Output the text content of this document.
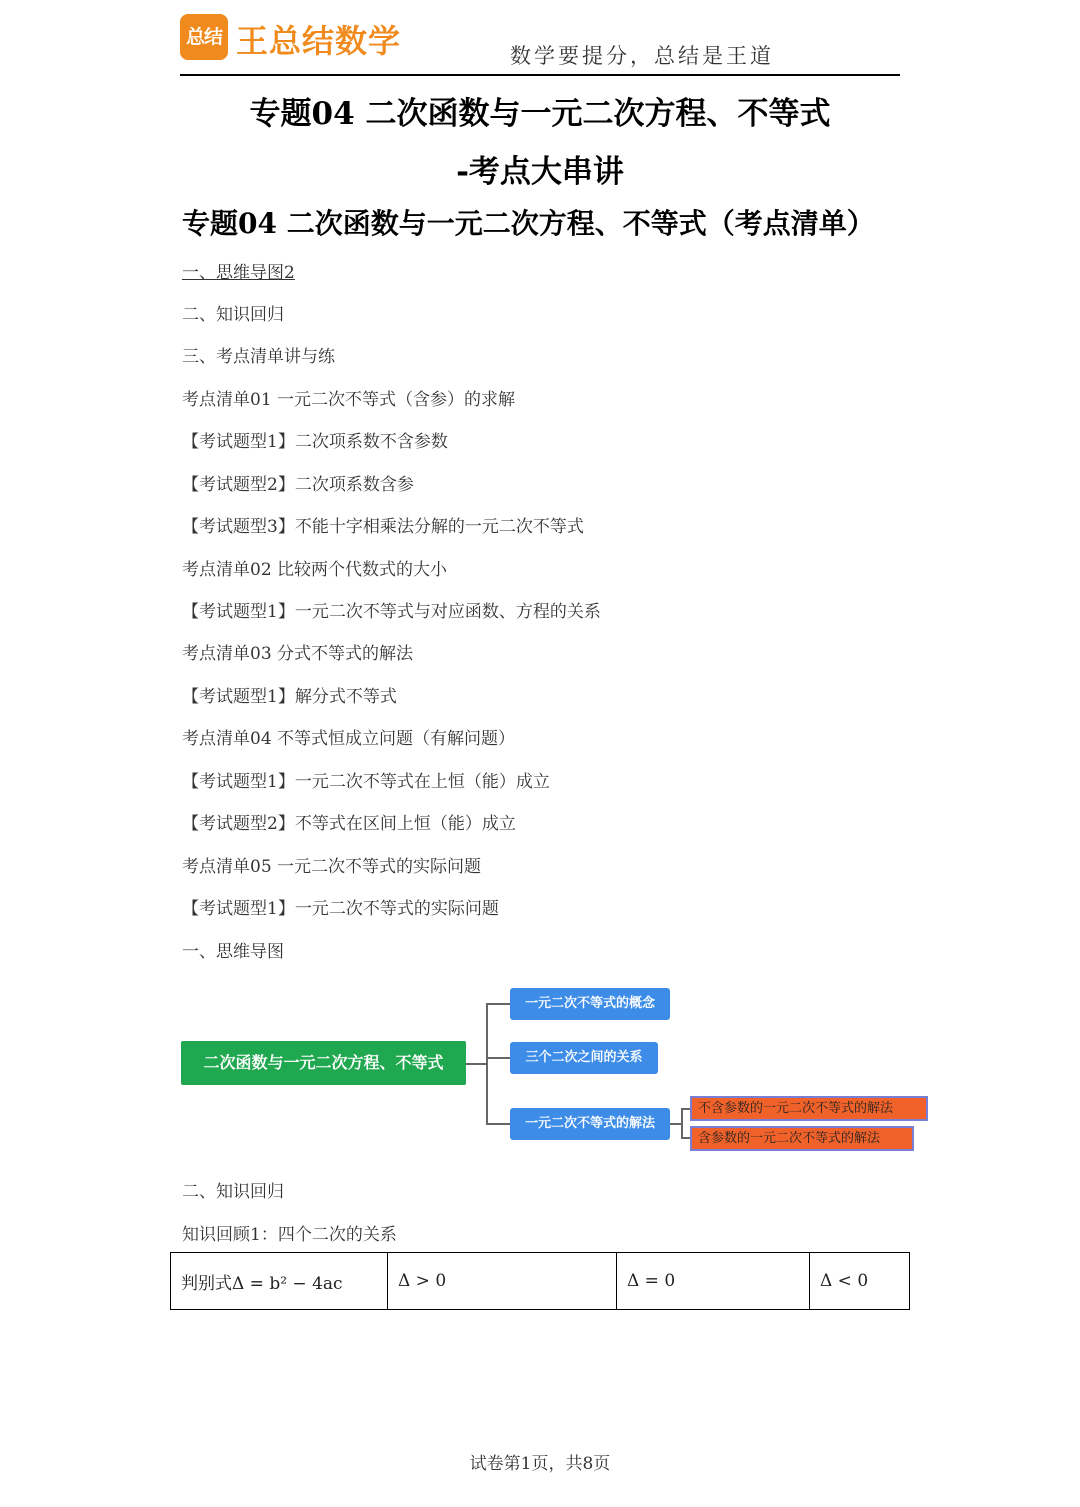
总结 王总结数学	数学要提分，总结是王道
专题04 二次函数与一元二次方程、不等式
-考点大串讲
专题04 二次函数与一元二次方程、不等式（考点清单）
一、思维导图2
二、知识回归
三、考点清单讲与练
考点清单01 一元二次不等式（含参）的求解
【考试题型1】二次项系数不含参数
【考试题型2】二次项系数含参
【考试题型3】不能十字相乘法分解的一元二次不等式
考点清单02 比较两个代数式的大小
【考试题型1】一元二次不等式与对应函数、方程的关系
考点清单03 分式不等式的解法
【考试题型1】解分式不等式
考点清单04 不等式恒成立问题（有解问题）
【考试题型1】一元二次不等式在上恒（能）成立
【考试题型2】不等式在区间上恒（能）成立
考点清单05 一元二次不等式的实际问题
【考试题型1】一元二次不等式的实际问题
一、思维导图
二次函数与一元二次方程、不等式
一元二次不等式的概念
三个二次之间的关系
一元二次不等式的解法
不含参数的一元二次不等式的解法
含参数的一元二次不等式的解法
二、知识回归
知识回顾1：四个二次的关系
判别式Δ = b² − 4ac	Δ > 0	Δ = 0	Δ < 0
试卷第1页，共8页
